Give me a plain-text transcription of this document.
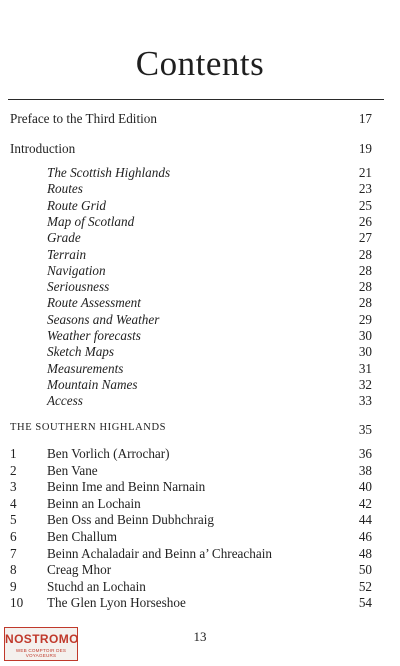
Contents
Preface to the Third Edition	17
Introduction	19
The Scottish Highlands	21
Routes	23
Route Grid	25
Map of Scotland	26
Grade	27
Terrain	28
Navigation	28
Seriousness	28
Route Assessment	28
Seasons and Weather	29
Weather forecasts	30
Sketch Maps	30
Measurements	31
Mountain Names	32
Access	33
THE SOUTHERN HIGHLANDS	35
1	Ben Vorlich (Arrochar)	36
2	Ben Vane	38
3	Beinn Ime and Beinn Narnain	40
4	Beinn an Lochain	42
5	Ben Oss and Beinn Dubhchraig	44
6	Ben Challum	46
7	Beinn Achaladair and Beinn a’ Chreachain	48
8	Creag Mhor	50
9	Stuchd an Lochain	52
10	The Glen Lyon Horseshoe	54
13
NOSTROMO
WEB COMPTOIR DES VOYAGEURS
